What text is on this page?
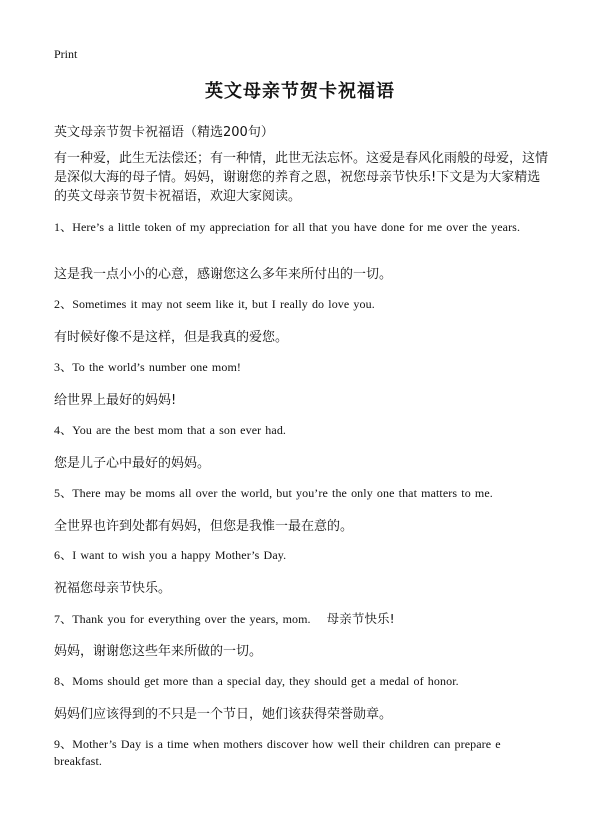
Print
英文母亲节贺卡祝福语
英文母亲节贺卡祝福语（精选200句）
有一种爱，此生无法偿还；有一种情，此世无法忘怀。这爱是春风化雨般的母爱，这情是深似大海的母子情。妈妈，谢谢您的养育之恩，祝您母亲节快乐!下文是为大家精选的英文母亲节贺卡祝福语，欢迎大家阅读。
1、Here’s a little token of my appreciation for all that you have done for me over the years.
这是我一点小小的心意，感谢您这么多年来所付出的一切。
2、Sometimes it may not seem like it, but I really do love you.
有时候好像不是这样，但是我真的爱您。
3、To the world’s number one mom!
给世界上最好的妈妈!
4、You are the best mom that a son ever had.
您是儿子心中最好的妈妈。
5、There may be moms all over the world, but you’re the only one that matters to me.
全世界也许到处都有妈妈，但您是我惟一最在意的。
6、I want to wish you a happy Mother’s Day.
祝福您母亲节快乐。
7、Thank you for everything over the years, mom. 母亲节快乐!
妈妈，谢谢您这些年来所做的一切。
8、Moms should get more than a special day, they should get a medal of honor.
妈妈们应该得到的不只是一个节日，她们该获得荣誉勋章。
9、Mother’s Day is a time when mothers discover how well their children can prepare e breakfast.
